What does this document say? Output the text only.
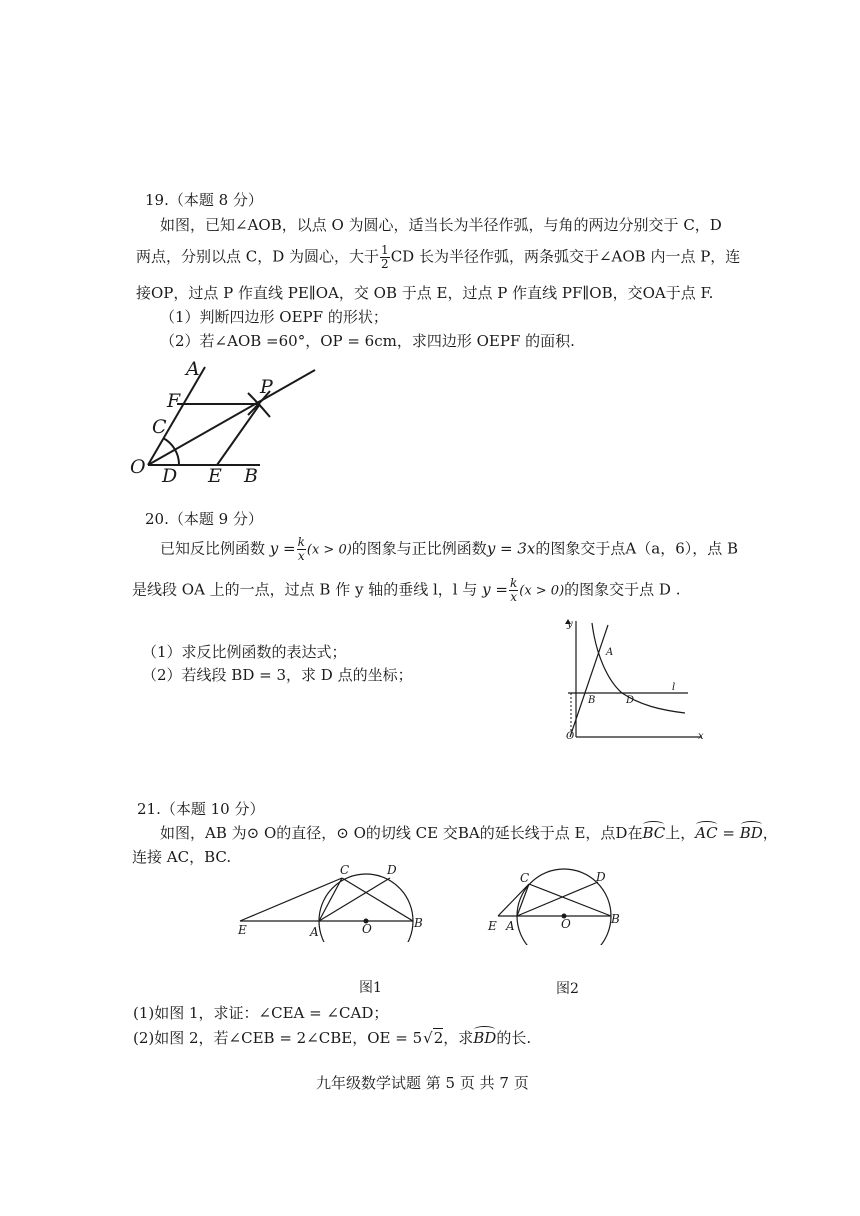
19.（本题 8 分）
如图，已知∠AOB，以点 O 为圆心，适当长为半径作弧，与角的两边分别交于 C，D
两点，分别以点 C，D 为圆心，大于 $\frac{1}{2}$ CD 长为半径作弧，两条弧交于∠AOB 内一点 P，连
接OP，过点 P 作直线 PE∥OA，交 OB 于点 E，过点 P 作直线 PF∥OB，交OA于点 F.
（1）判断四边形 OEPF 的形状；
（2）若∠AOB =60°，OP = 6cm，求四边形 OEPF 的面积.
A
F
C
O D E B
P
20.（本题 9 分）
已知反比例函数 $y = \frac{k}{x} (x > 0)$的图象与正比例函数y = 3x的图象交于点A（a，6），点 B
是线段 OA 上的一点，过点 B 作 y 轴的垂线 l，l 与 $y = \frac{k}{x} (x > 0)$的图象交于点 D .
（1）求反比例函数的表达式；
（2）若线段 BD = 3，求 D 点的坐标；
y
A
B	D
l
O	x
21.（本题 10 分）
如图，AB 为⊙ O的直径，⊙ O的切线 CE 交BA的延长线于点 E，点D在BC上，AC = BD，
连接 AC，BC.
C	D
E	A	O	B
图1
C	D
E A	O	B
图2
(1)如图 1，求证：∠CEA = ∠CAD；
(2)如图 2，若∠CEB = 2∠CBE，OE = 5√2，求BD的长.
九年级数学试题 第 5 页 共 7 页
